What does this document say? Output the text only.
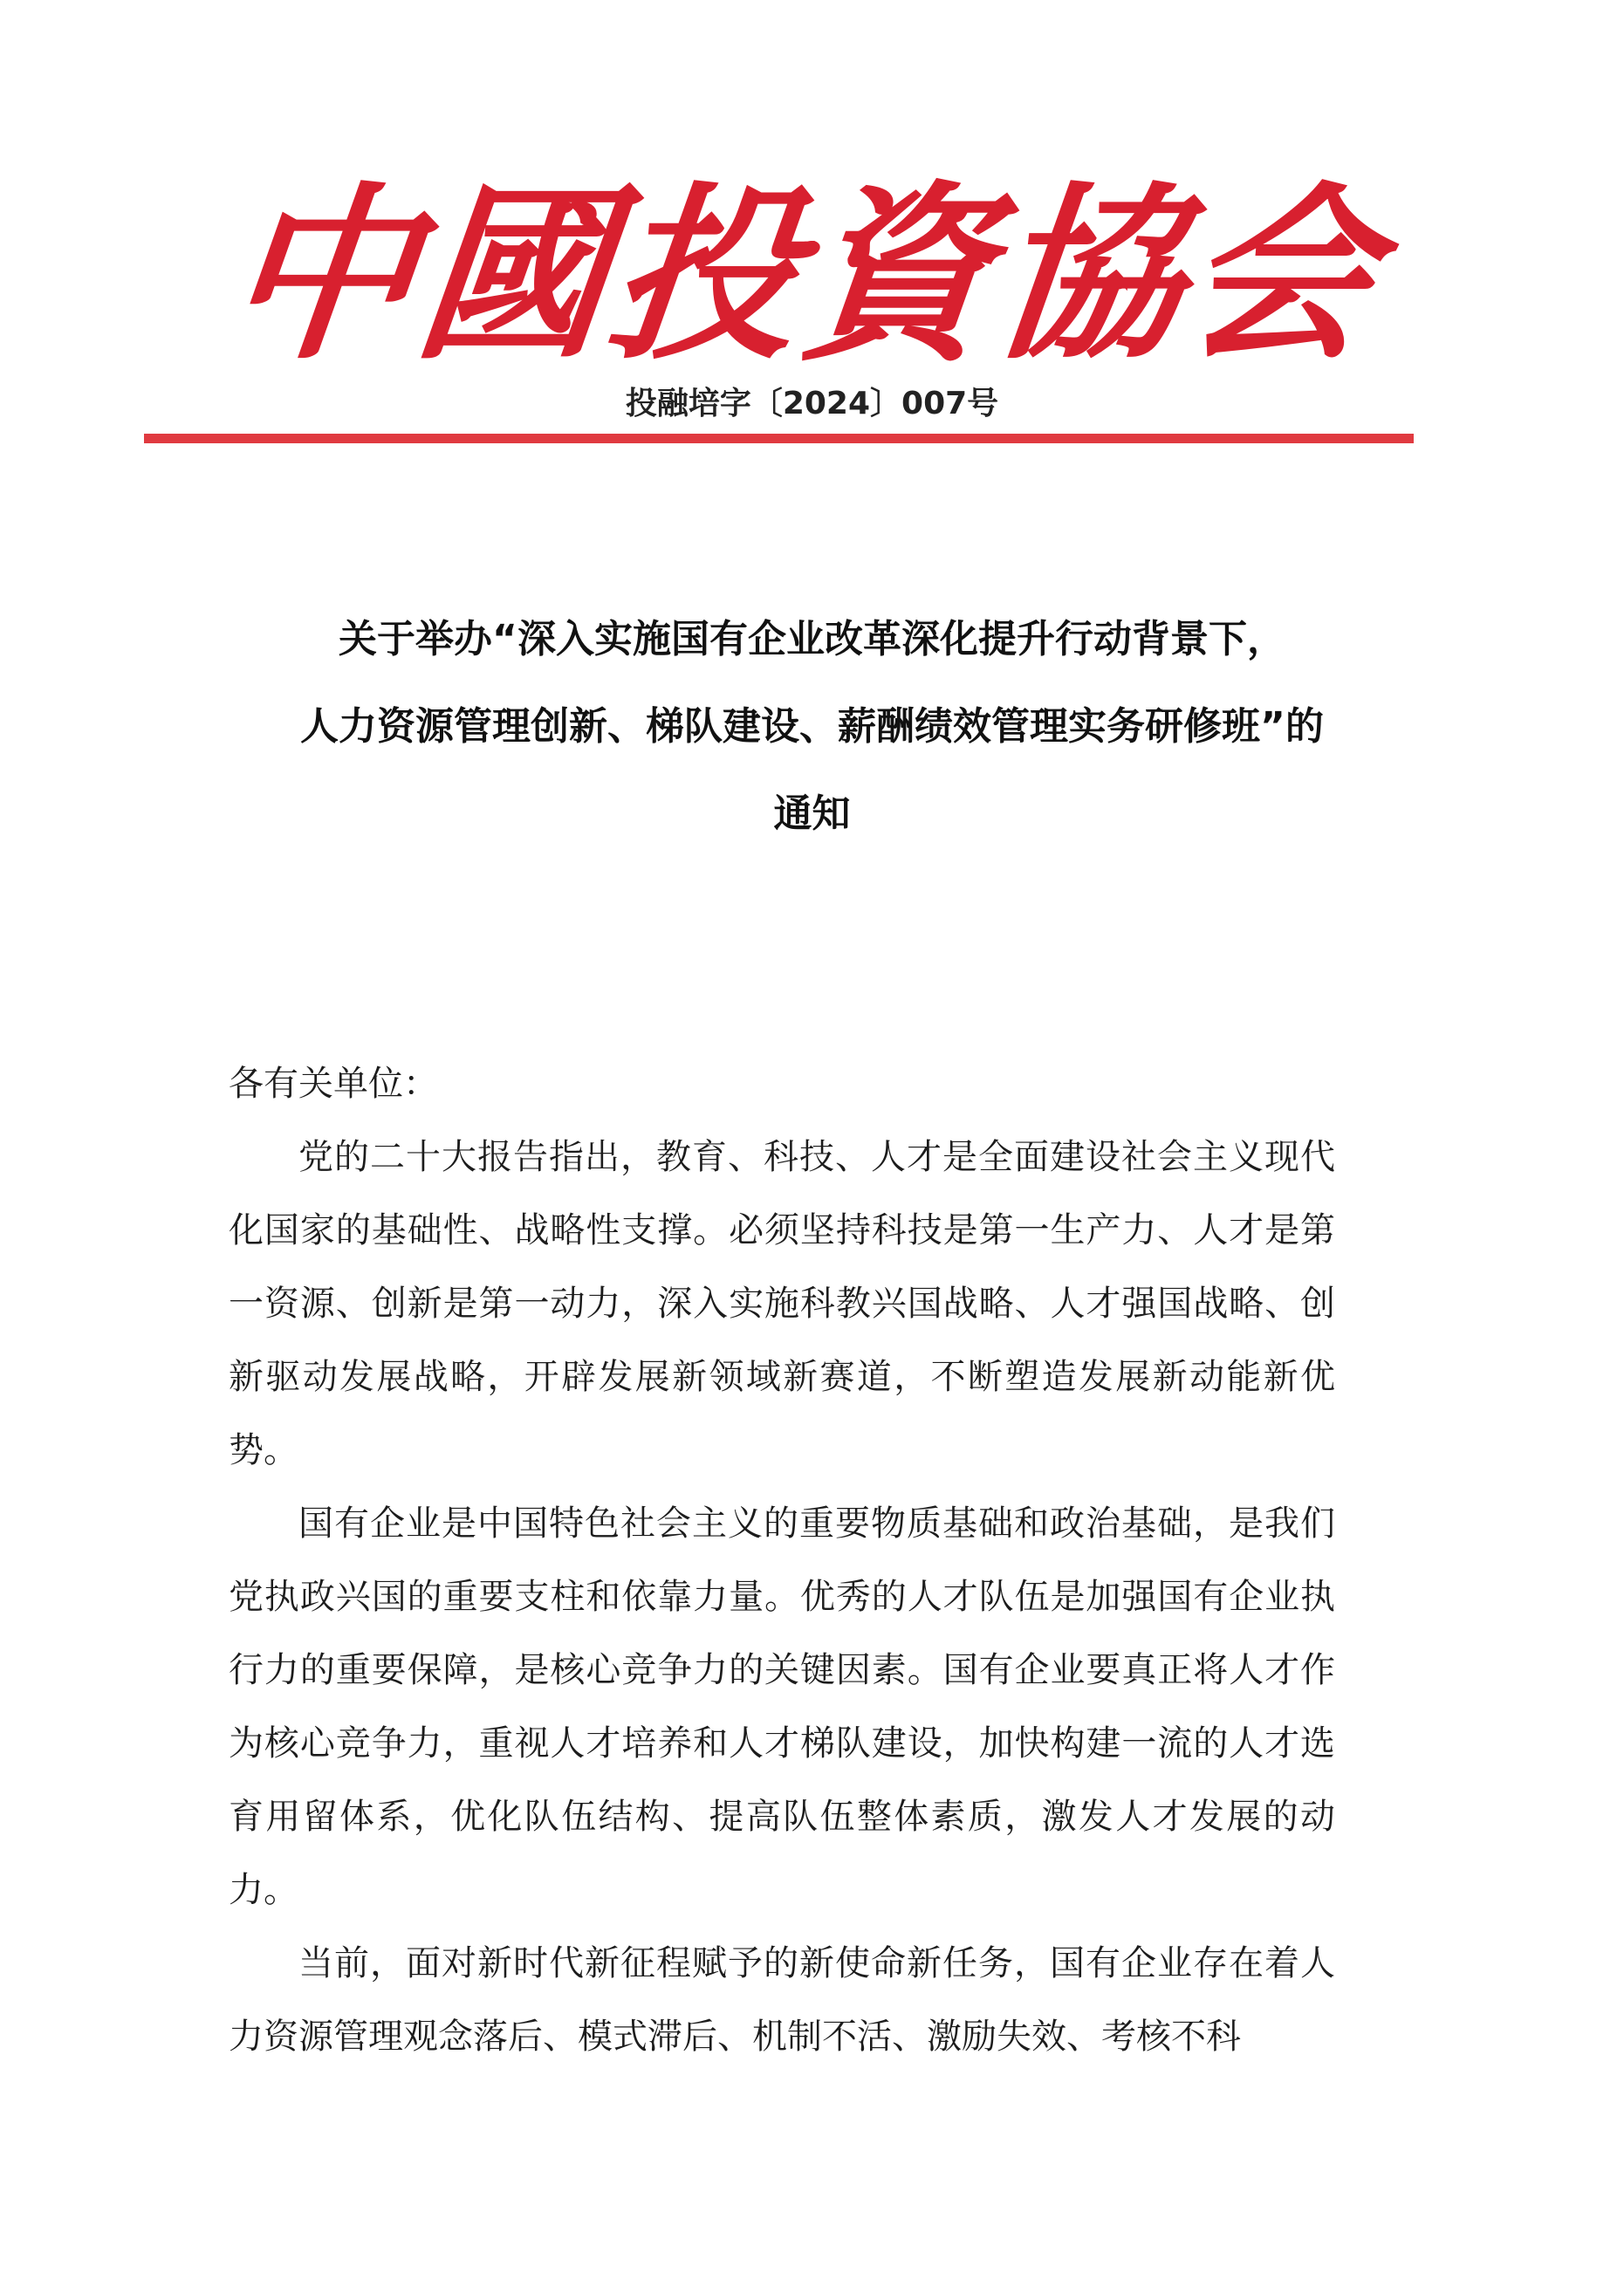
中
國
投
資
協
会
投融培字〔2024〕007号
关于举办“深入实施国有企业改革深化提升行动背景下，
人力资源管理创新、梯队建设、薪酬绩效管理实务研修班”的
通知

各有关单位：

党的二十大报告指出，教育、科技、人才是全面建设社会主义现代化国家的基础性、战略性支撑。必须坚持科技是第一生产力、人才是第一资源、创新是第一动力，深入实施科教兴国战略、人才强国战略、创新驱动发展战略，开辟发展新领域新赛道，不断塑造发展新动能新优势。

国有企业是中国特色社会主义的重要物质基础和政治基础，是我们党执政兴国的重要支柱和依靠力量。优秀的人才队伍是加强国有企业执行力的重要保障，是核心竞争力的关键因素。国有企业要真正将人才作为核心竞争力，重视人才培养和人才梯队建设，加快构建一流的人才选育用留体系，优化队伍结构、提高队伍整体素质，激发人才发展的动力。

当前，面对新时代新征程赋予的新使命新任务，国有企业存在着人力资源管理观念落后、模式滞后、机制不活、激励失效、考核不科
